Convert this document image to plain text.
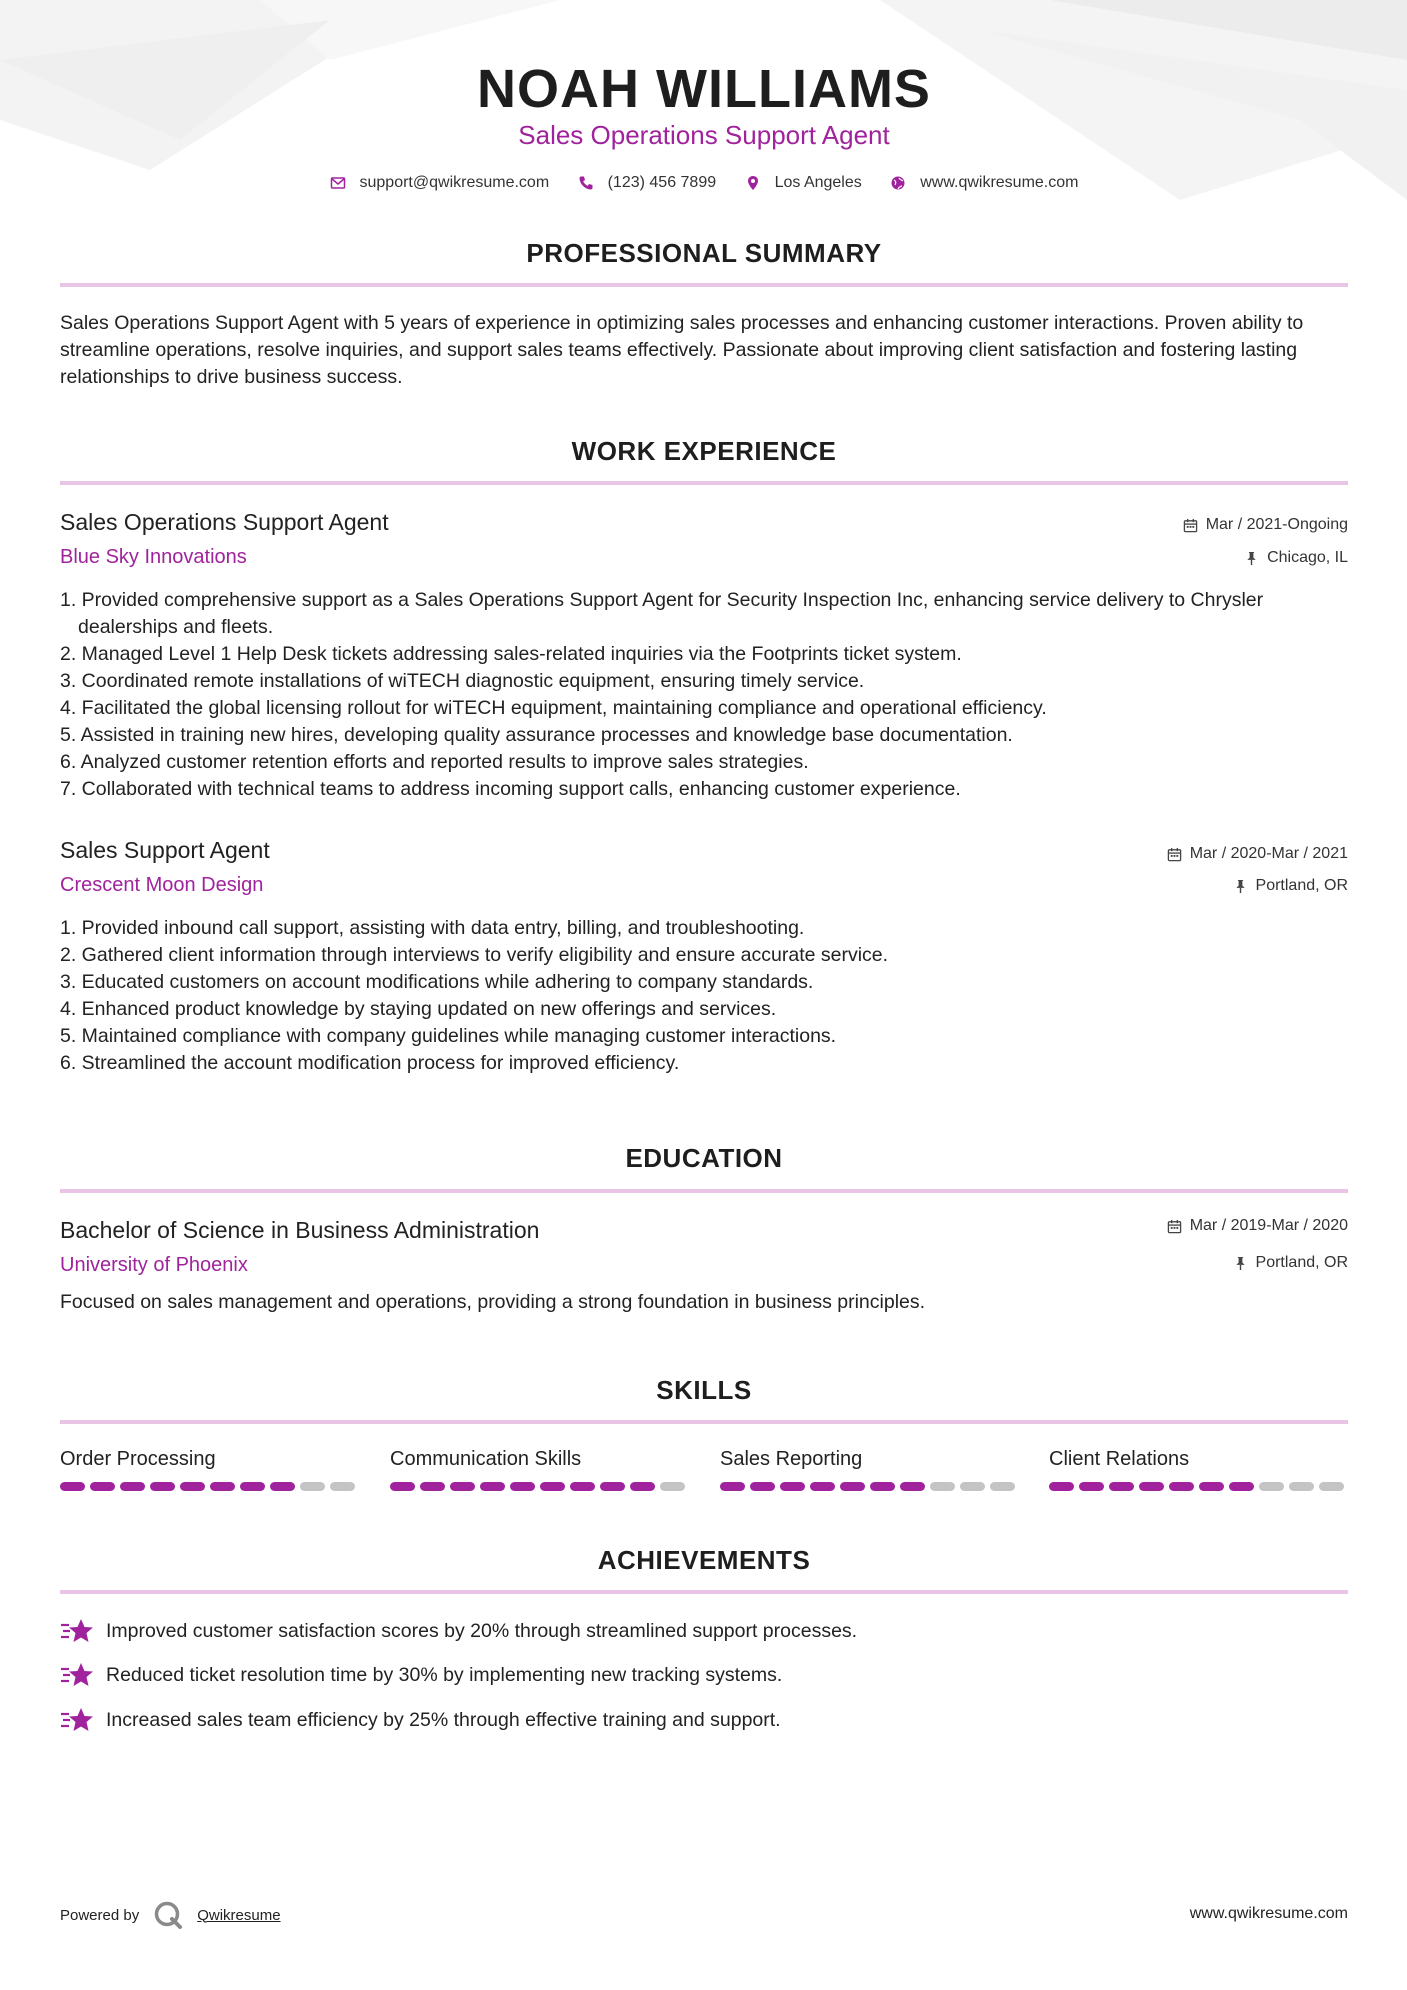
NOAH WILLIAMS
Sales Operations Support Agent
support@qwikresume.com
	(123) 456 7899
	Los Angeles
	www.qwikresume.com
PROFESSIONAL SUMMARY
Sales Operations Support Agent with 5 years of experience in optimizing sales processes and enhancing customer interactions. Proven ability to streamline operations, resolve inquiries, and support sales teams effectively. Passionate about improving client satisfaction and fostering lasting relationships to drive business success.
WORK EXPERIENCE
Sales Operations Support Agent
Blue Sky Innovations
Mar / 2021-Ongoing
Chicago, IL
1. Provided comprehensive support as a Sales Operations Support Agent for Security Inspection Inc, enhancing service delivery to Chrysler
dealerships and fleets.
2. Managed Level 1 Help Desk tickets addressing sales-related inquiries via the Footprints ticket system.
3. Coordinated remote installations of wiTECH diagnostic equipment, ensuring timely service.
4. Facilitated the global licensing rollout for wiTECH equipment, maintaining compliance and operational efficiency.
5. Assisted in training new hires, developing quality assurance processes and knowledge base documentation.
6. Analyzed customer retention efforts and reported results to improve sales strategies.
7. Collaborated with technical teams to address incoming support calls, enhancing customer experience.
Sales Support Agent
Crescent Moon Design
Mar / 2020-Mar / 2021
Portland, OR
1. Provided inbound call support, assisting with data entry, billing, and troubleshooting.
2. Gathered client information through interviews to verify eligibility and ensure accurate service.
3. Educated customers on account modifications while adhering to company standards.
4. Enhanced product knowledge by staying updated on new offerings and services.
5. Maintained compliance with company guidelines while managing customer interactions.
6. Streamlined the account modification process for improved efficiency.
EDUCATION
Bachelor of Science in Business Administration
University of Phoenix
Mar / 2019-Mar / 2020
Portland, OR
Focused on sales management and operations, providing a strong foundation in business principles.
SKILLS
Order Processing	Communication Skills	Sales Reporting	Client Relations
ACHIEVEMENTS
Improved customer satisfaction scores by 20% through streamlined support processes.
Reduced ticket resolution time by 30% by implementing new tracking systems.
Increased sales team efficiency by 25% through effective training and support.
Powered by	Qwikresume	www.qwikresume.com
